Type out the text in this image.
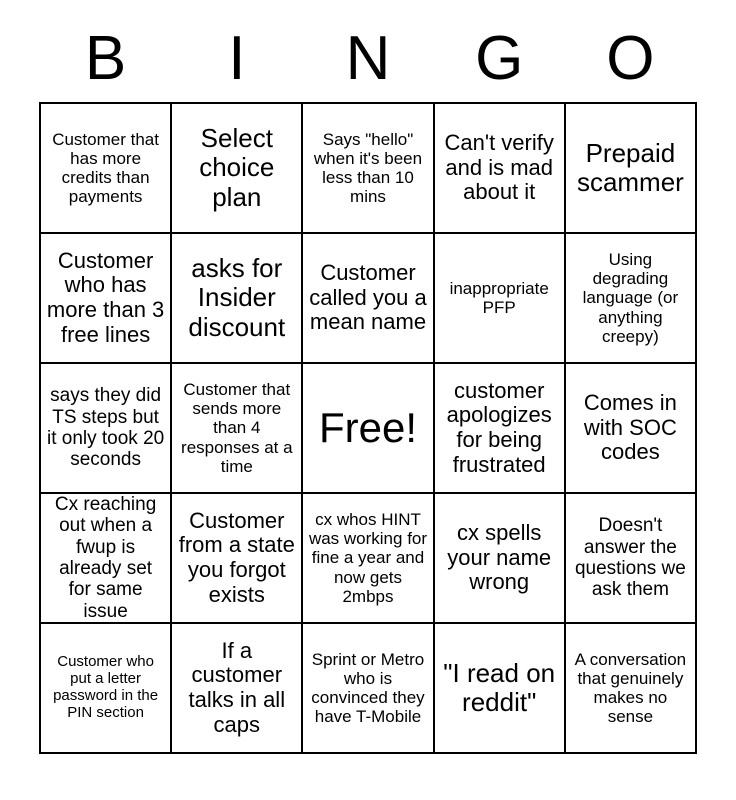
B	I	N	G	O
Customer that has more credits than payments
Select choice plan
Says "hello" when it's been less than 10 mins
Can't verify and is mad about it
Prepaid scammer
Customer who has more than 3 free lines
asks for Insider discount
Customer called you a mean name
inappropriate PFP
Using degrading language (or anything creepy)
says they did TS steps but it only took 20 seconds
Customer that sends more than 4 responses at a time
Free!
customer apologizes for being frustrated
Comes in with SOC codes
Cx reaching out when a fwup is already set for same issue
Customer from a state you forgot exists
cx whos HINT was working for fine a year and now gets 2mbps
cx spells your name wrong
Doesn't answer the questions we ask them
Customer who put a letter password in the PIN section
If a customer talks in all caps
Sprint or Metro who is convinced they have T-Mobile
"I read on reddit"
A conversation that genuinely makes no sense
